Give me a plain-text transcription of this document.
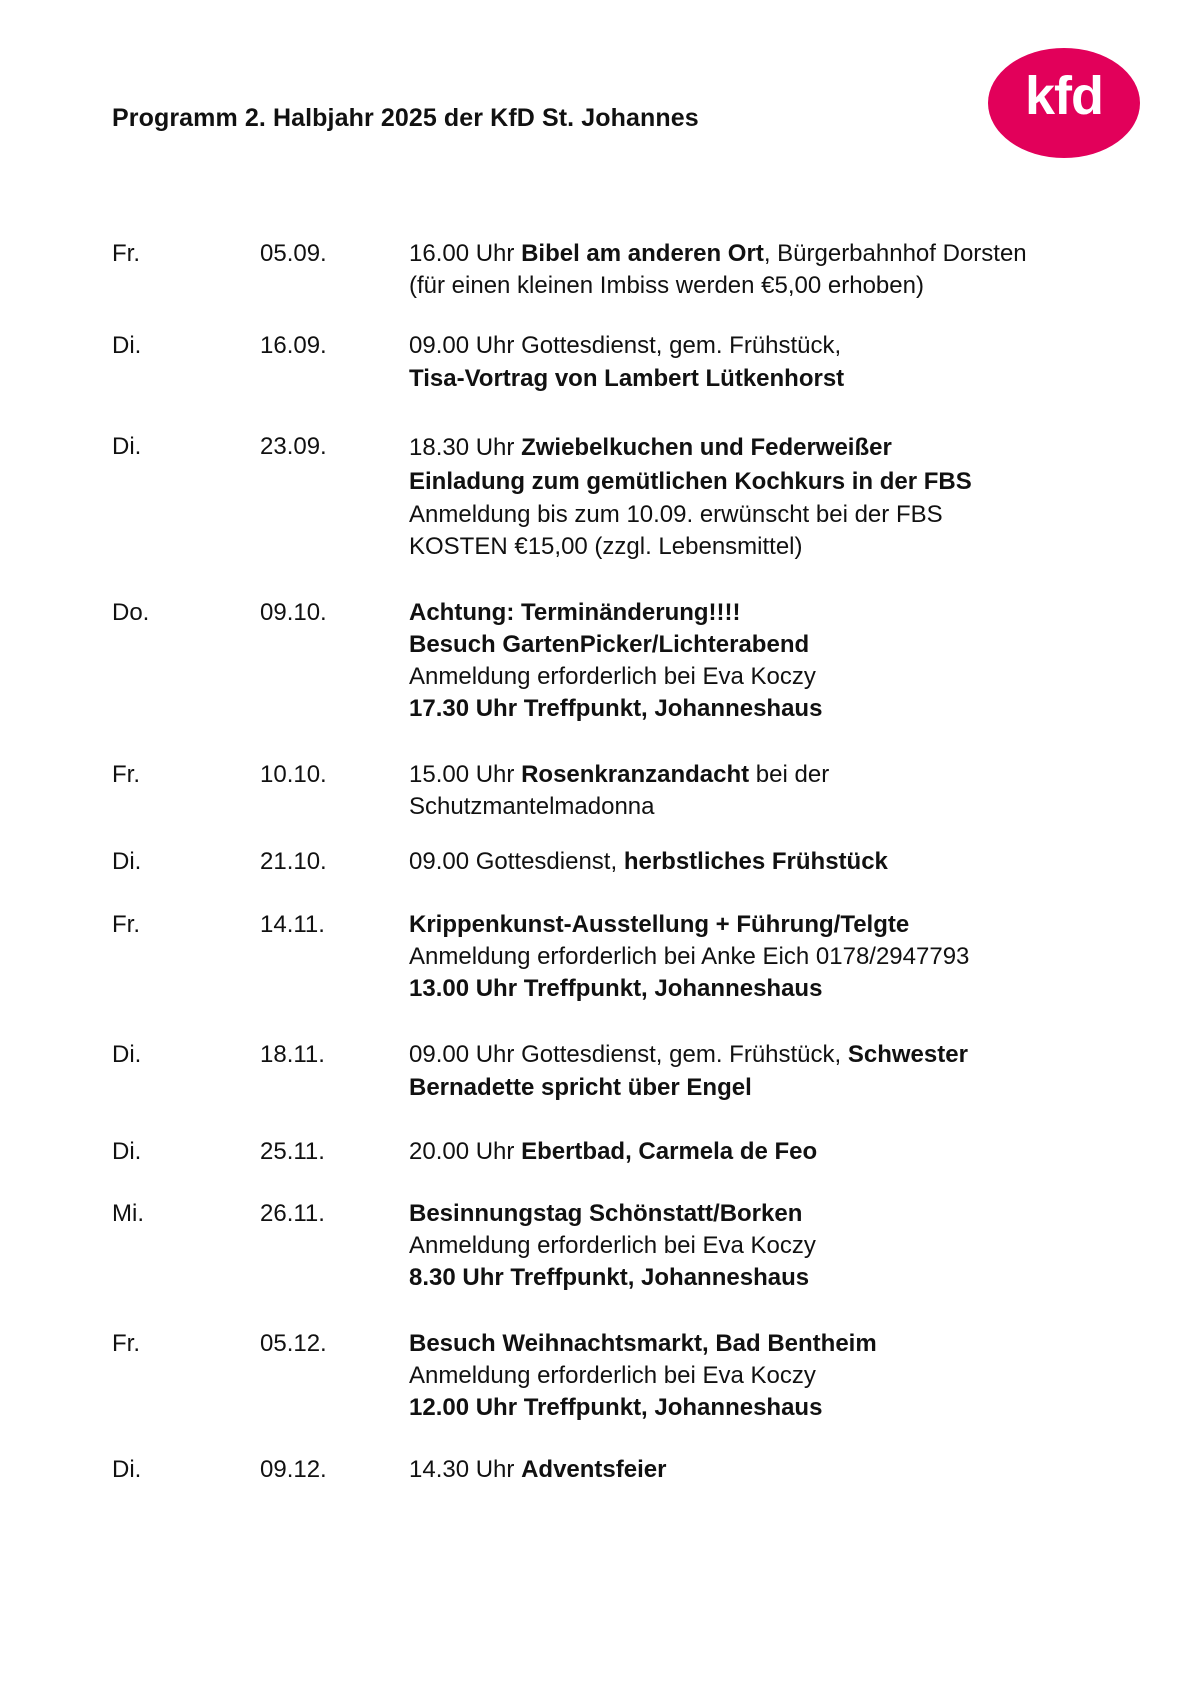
Programm 2. Halbjahr 2025 der KfD St. Johannes	kfd
Fr.	05.09.	16.00 Uhr Bibel am anderen Ort, Bürgerbahnhof Dorsten
(für einen kleinen Imbiss werden €5,00 erhoben)
Di.	16.09.	09.00 Uhr Gottesdienst, gem. Frühstück,
Tisa-Vortrag von Lambert Lütkenhorst
Di.	23.09.	18.30 Uhr Zwiebelkuchen und Federweißer
Einladung zum gemütlichen Kochkurs in der FBS
Anmeldung bis zum 10.09. erwünscht bei der FBS
KOSTEN €15,00 (zzgl. Lebensmittel)
Do.	09.10.	Achtung: Terminänderung!!!!
Besuch GartenPicker/Lichterabend
Anmeldung erforderlich bei Eva Koczy
17.30 Uhr Treffpunkt, Johanneshaus
Fr.	10.10.	15.00 Uhr Rosenkranzandacht bei der
Schutzmantelmadonna
Di.	21.10.	09.00 Gottesdienst, herbstliches Frühstück
Fr.	14.11.	Krippenkunst-Ausstellung + Führung/Telgte
Anmeldung erforderlich bei Anke Eich 0178/2947793
13.00 Uhr Treffpunkt, Johanneshaus
Di.	18.11.	09.00 Uhr Gottesdienst, gem. Frühstück, Schwester
Bernadette spricht über Engel
Di.	25.11.	20.00 Uhr Ebertbad, Carmela de Feo
Mi.	26.11.	Besinnungstag Schönstatt/Borken
Anmeldung erforderlich bei Eva Koczy
8.30 Uhr Treffpunkt, Johanneshaus
Fr.	05.12.	Besuch Weihnachtsmarkt, Bad Bentheim
Anmeldung erforderlich bei Eva Koczy
12.00 Uhr Treffpunkt, Johanneshaus
Di.	09.12.	14.30 Uhr Adventsfeier
